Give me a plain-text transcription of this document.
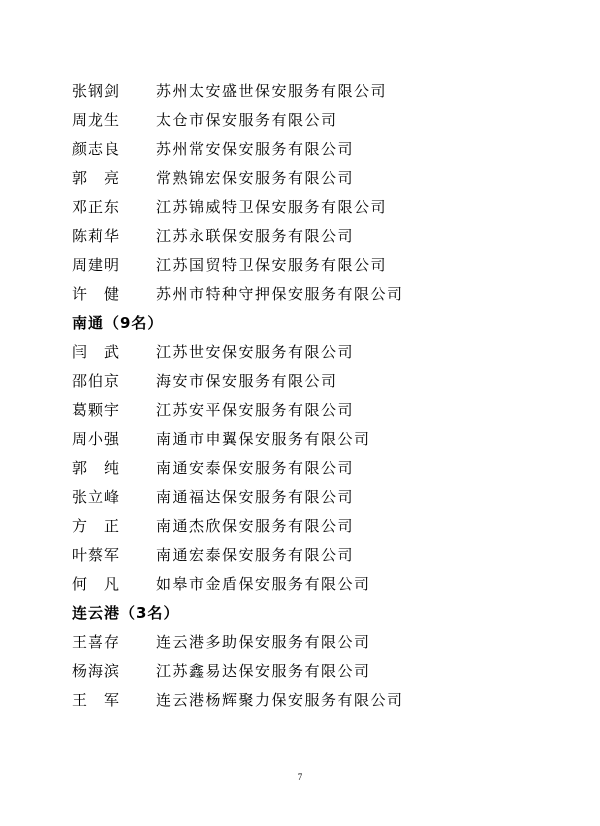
张钢剑	苏州太安盛世保安服务有限公司
周龙生	太仓市保安服务有限公司
颜志良	苏州常安保安服务有限公司
郭　亮	常熟锦宏保安服务有限公司
邓正东	江苏锦威特卫保安服务有限公司
陈莉华	江苏永联保安服务有限公司
周建明	江苏国贸特卫保安服务有限公司
许　健	苏州市特种守押保安服务有限公司
南通（9名）
闫　武	江苏世安保安服务有限公司
邵伯京	海安市保安服务有限公司
葛颗宇	江苏安平保安服务有限公司
周小强	南通市申翼保安服务有限公司
郭　纯	南通安泰保安服务有限公司
张立峰	南通福达保安服务有限公司
方　正	南通杰欣保安服务有限公司
叶蔡军	南通宏泰保安服务有限公司
何　凡	如皋市金盾保安服务有限公司
连云港（3名）
王喜存	连云港多助保安服务有限公司
杨海滨	江苏鑫易达保安服务有限公司
王　军	连云港杨辉聚力保安服务有限公司
7
